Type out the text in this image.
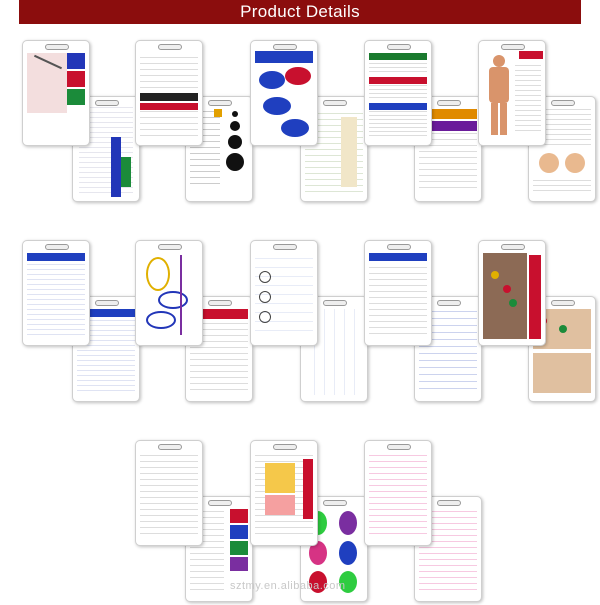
Product Details
sztmy.en.alibaba.com
